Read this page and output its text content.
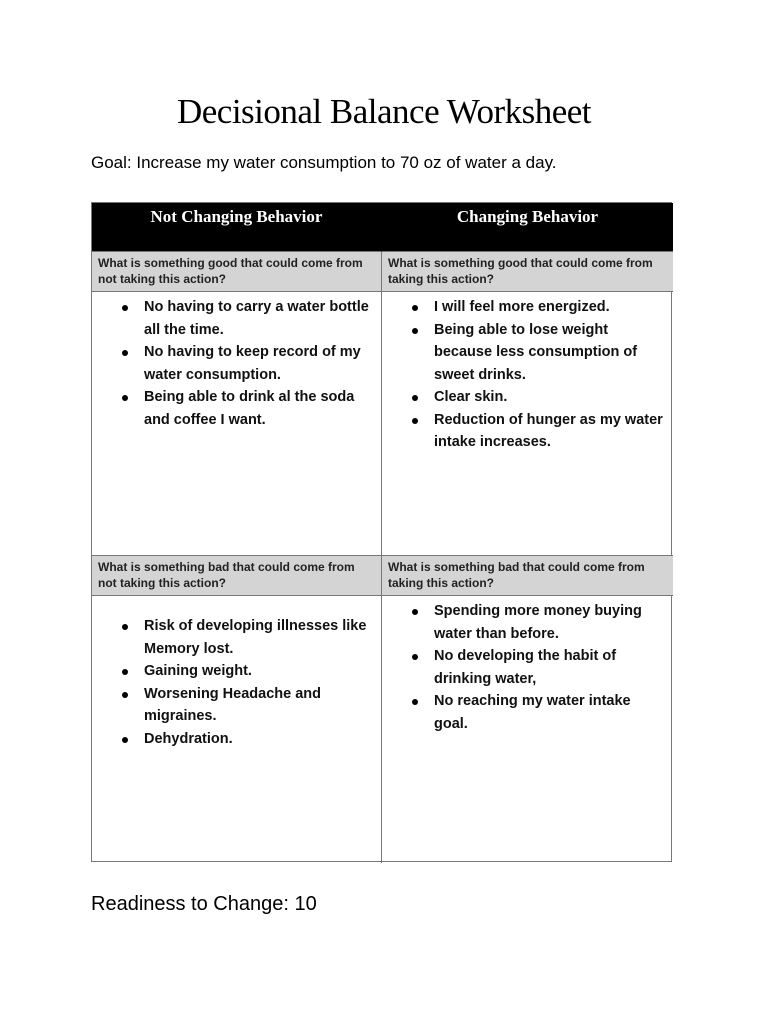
Decisional Balance Worksheet

Goal: Increase my water consumption to 70 oz of water a day.

Not Changing Behavior	Changing Behavior
What is something good that could come from not taking this action?
What is something good that could come from taking this action?
No having to carry a water bottle all the time.
No having to keep record of my water consumption.
Being able to drink al the soda and coffee I want.
I will feel more energized.
Being able to lose weight because less consumption of sweet drinks.
Clear skin.
Reduction of hunger as my water intake increases.
What is something bad that could come from not taking this action?
What is something bad that could come from taking this action?
Risk of developing illnesses like Memory lost.
Gaining weight.
Worsening Headache and migraines.
Dehydration.
Spending more money buying water than before.
No developing the habit of drinking water,
No reaching my water intake goal.

Readiness to Change: 10
